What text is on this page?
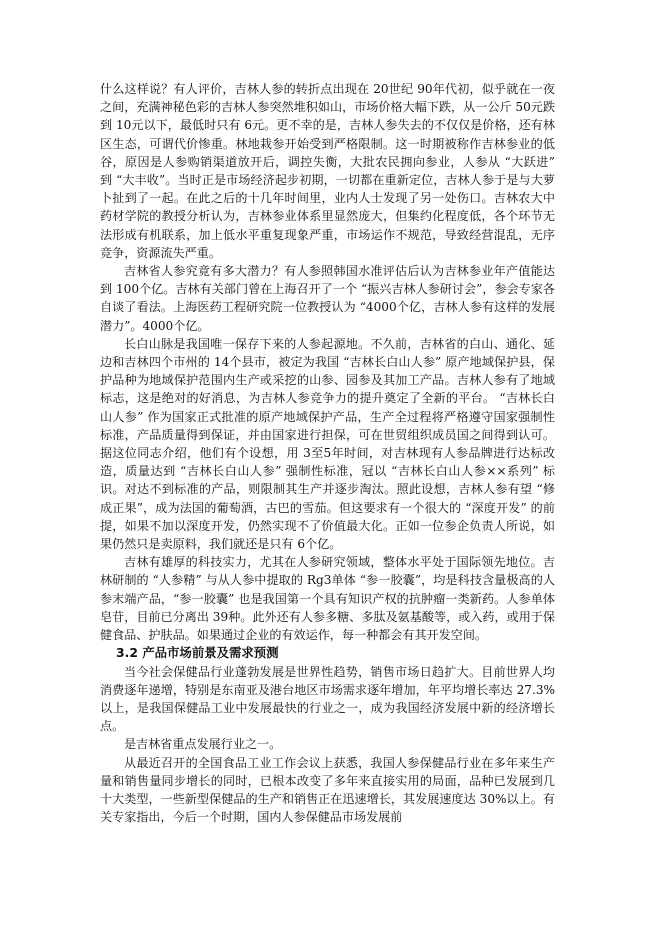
什么这样说？有人评价，吉林人参的转折点出现在 20世纪 90年代初，似乎就在一夜之间，充满神秘色彩的吉林人参突然堆积如山，市场价格大幅下跌，从一公斤 50元跌到 10元以下，最低时只有 6元。更不幸的是，吉林人参失去的不仅仅是价格，还有林区生态，可谓代价惨重。林地栽参开始受到严格限制。这一时期被称作吉林参业的低谷，原因是人参购销渠道放开后，调控失衡，大批农民拥向参业，人参从 “大跃进” 到 “大丰收”。当时正是市场经济起步初期，一切都在重新定位，吉林人参于是与大萝卜扯到了一起。在此之后的十几年时间里，业内人士发现了另一处伤口。吉林农大中药材学院的教授分析认为，吉林参业体系里显然庞大，但集约化程度低，各个环节无法形成有机联系，加上低水平重复现象严重，市场运作不规范，导致经营混乱，无序竞争，资源流失严重。

吉林省人参究竟有多大潜力？有人参照韩国水准评估后认为吉林参业年产值能达到 100个亿。吉林有关部门曾在上海召开了一个 “振兴吉林人参研讨会”，参会专家各自谈了看法。上海医药工程研究院一位教授认为 “4000个亿，吉林人参有这样的发展潜力”。4000个亿。

长白山脉是我国唯一保存下来的人参起源地。不久前，吉林省的白山、通化、延边和吉林四个市州的 14个县市，被定为我国 “吉林长白山人参” 原产地域保护县，保护品种为地域保护范围内生产或采挖的山参、园参及其加工产品。吉林人参有了地域标志，这是绝对的好消息，为吉林人参竞争力的提升奠定了全新的平台。 “吉林长白山人参” 作为国家正式批准的原产地域保护产品，生产全过程将严格遵守国家强制性标准，产品质量得到保证，并由国家进行担保，可在世贸组织成员国之间得到认可。据这位同志介绍，他们有个设想，用 3至5年时间，对吉林现有人参品牌进行达标改造，质量达到 “吉林长白山人参” 强制性标准，冠以 “吉林长白山人参××系列” 标识。对达不到标准的产品，则限制其生产并逐步淘汰。照此设想，吉林人参有望 “修成正果”，成为法国的葡萄酒，古巴的雪茄。但这要求有一个很大的 “深度开发” 的前提，如果不加以深度开发，仍然实现不了价值最大化。正如一位参企负责人所说，如果仍然只是卖原料，我们就还是只有 6个亿。

吉林有雄厚的科技实力，尤其在人参研究领域，整体水平处于国际领先地位。吉林研制的 “人参精” 与从人参中提取的 Rg3单体 “参一胶囊”，均是科技含量极高的人参末端产品，“参一胶囊” 也是我国第一个具有知识产权的抗肿瘤一类新药。人参单体皂苷，目前已分离出 39种。此外还有人参多糖、多肽及氨基酸等，或入药，或用于保健食品、护肤品。如果通过企业的有效运作，每一种都会有其开发空间。

3.2 产品市场前景及需求预测

当今社会保健品行业蓬勃发展是世界性趋势，销售市场日趋扩大。目前世界人均消费逐年递增，特别是东南亚及港台地区市场需求逐年增加，年平均增长率达 27.3%以上，是我国保健品工业中发展最快的行业之一，成为我国经济发展中新的经济增长点。

是吉林省重点发展行业之一。

从最近召开的全国食品工业工作会议上获悉，我国人参保健品行业在多年来生产量和销售量同步增长的同时，已根本改变了多年来直接实用的局面，品种已发展到几十大类型，一些新型保健品的生产和销售正在迅速增长，其发展速度达 30%以上。有关专家指出，今后一个时期，国内人参保健品市场发展前
